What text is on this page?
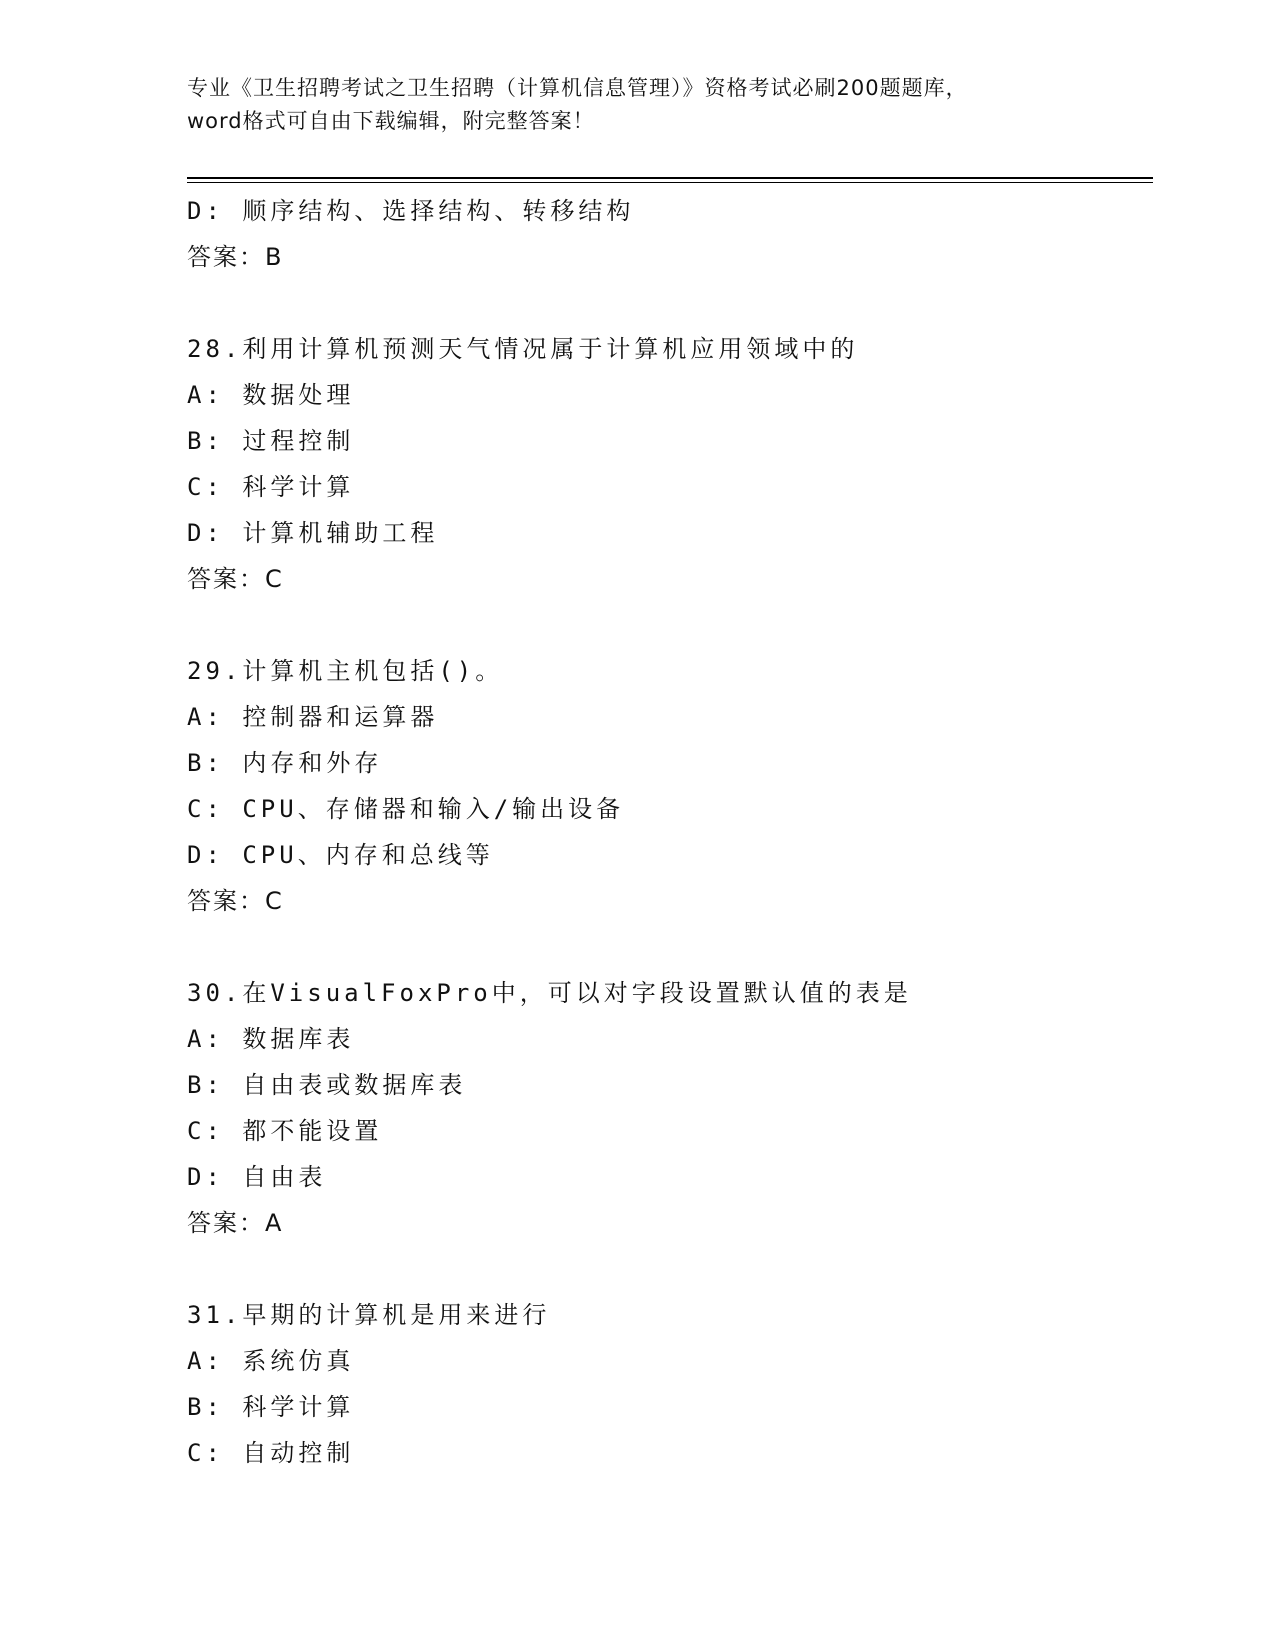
专业《卫生招聘考试之卫生招聘（计算机信息管理）》资格考试必刷200题题库，
word格式可自由下载编辑，附完整答案！
D: 顺序结构、选择结构、转移结构
答案：B
28.利用计算机预测天气情况属于计算机应用领域中的
A: 数据处理
B: 过程控制
C: 科学计算
D: 计算机辅助工程
答案：C
29.计算机主机包括()。
A: 控制器和运算器
B: 内存和外存
C: CPU、存储器和输入/输出设备
D: CPU、内存和总线等
答案：C
30.在VisualFoxPro中，可以对字段设置默认值的表是
A: 数据库表
B: 自由表或数据库表
C: 都不能设置
D: 自由表
答案：A
31.早期的计算机是用来进行
A: 系统仿真
B: 科学计算
C: 自动控制
